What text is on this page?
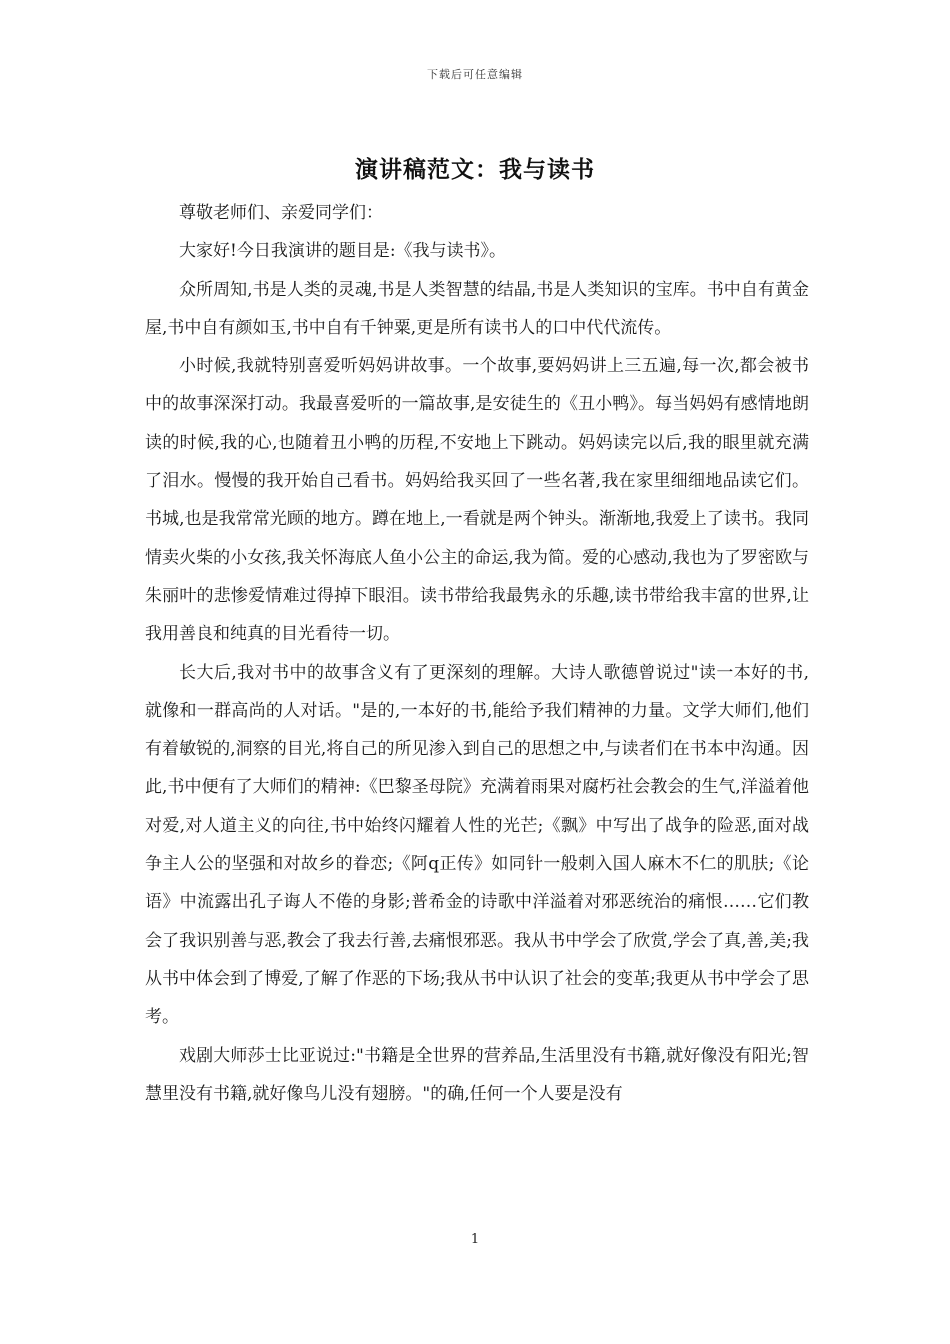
下载后可任意编辑
演讲稿范文：我与读书

尊敬老师们、亲爱同学们：

大家好!今日我演讲的题目是:《我与读书》。

众所周知,书是人类的灵魂,书是人类智慧的结晶,书是人类知识的宝库。书中自有黄金屋,书中自有颜如玉,书中自有千钟粟,更是所有读书人的口中代代流传。

小时候,我就特别喜爱听妈妈讲故事。一个故事,要妈妈讲上三五遍,每一次,都会被书中的故事深深打动。我最喜爱听的一篇故事,是安徒生的《丑小鸭》。每当妈妈有感情地朗读的时候,我的心,也随着丑小鸭的历程,不安地上下跳动。妈妈读完以后,我的眼里就充满了泪水。慢慢的我开始自己看书。妈妈给我买回了一些名著,我在家里细细地品读它们。书城,也是我常常光顾的地方。蹲在地上,一看就是两个钟头。渐渐地,我爱上了读书。我同情卖火柴的小女孩,我关怀海底人鱼小公主的命运,我为简。爱的心感动,我也为了罗密欧与朱丽叶的悲惨爱情难过得掉下眼泪。读书带给我最隽永的乐趣,读书带给我丰富的世界,让我用善良和纯真的目光看待一切。

长大后,我对书中的故事含义有了更深刻的理解。大诗人歌德曾说过"读一本好的书,就像和一群高尚的人对话。"是的,一本好的书,能给予我们精神的力量。文学大师们,他们有着敏锐的,洞察的目光,将自己的所见渗入到自己的思想之中,与读者们在书本中沟通。因此,书中便有了大师们的精神:《巴黎圣母院》充满着雨果对腐朽社会教会的生气,洋溢着他对爱,对人道主义的向往,书中始终闪耀着人性的光芒;《飘》中写出了战争的险恶,面对战争主人公的坚强和对故乡的眷恋;《阿q正传》如同针一般刺入国人麻木不仁的肌肤;《论语》中流露出孔子诲人不倦的身影;普希金的诗歌中洋溢着对邪恶统治的痛恨……它们教会了我识别善与恶,教会了我去行善,去痛恨邪恶。我从书中学会了欣赏,学会了真,善,美;我从书中体会到了博爱,了解了作恶的下场;我从书中认识了社会的变革;我更从书中学会了思考。

戏剧大师莎士比亚说过:"书籍是全世界的营养品,生活里没有书籍,就好像没有阳光;智慧里没有书籍,就好像鸟儿没有翅膀。"的确,任何一个人要是没有

1
